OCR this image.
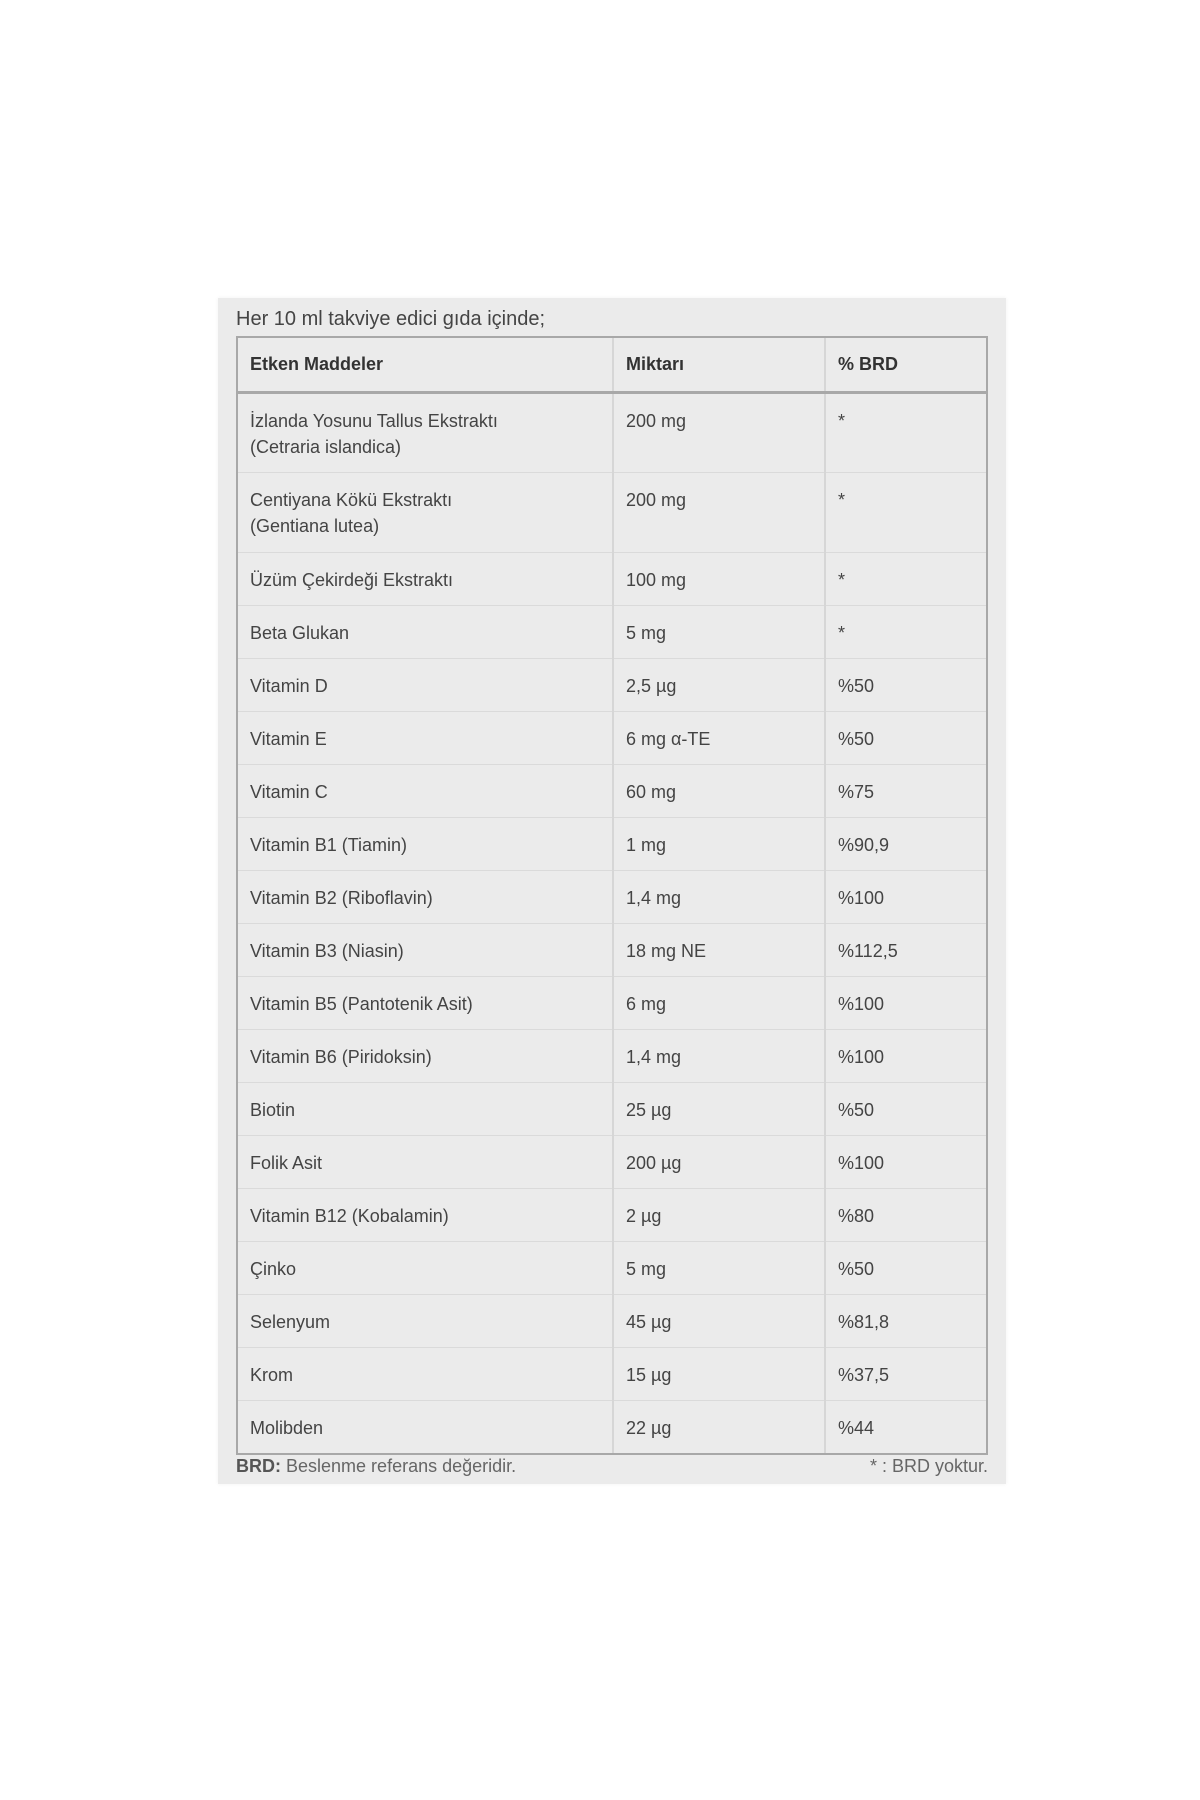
Her 10 ml takviye edici gıda içinde;
Etken Maddeler	Miktarı	% BRD

İzlanda Yosunu Tallus Ekstraktı
(Cetraria islandica)	200 mg	*

Centiyana Kökü Ekstraktı
(Gentiana lutea)	200 mg	*
Üzüm Çekirdeği Ekstraktı	100 mg	*
Beta Glukan	5 mg	*
Vitamin D	2,5 µg	%50
Vitamin E	6 mg α-TE	%50
Vitamin C	60 mg	%75
Vitamin B1 (Tiamin)	1 mg	%90,9
Vitamin B2 (Riboflavin)	1,4 mg	%100
Vitamin B3 (Niasin)	18 mg NE	%112,5
Vitamin B5 (Pantotenik Asit)	6 mg	%100
Vitamin B6 (Piridoksin)	1,4 mg	%100
Biotin	25 µg	%50
Folik Asit	200 µg	%100
Vitamin B12 (Kobalamin)	2 µg	%80
Çinko	5 mg	%50
Selenyum	45 µg	%81,8
Krom	15 µg	%37,5
Molibden	22 µg	%44
BRD: Beslenme referans değeridir.	* : BRD yoktur.
